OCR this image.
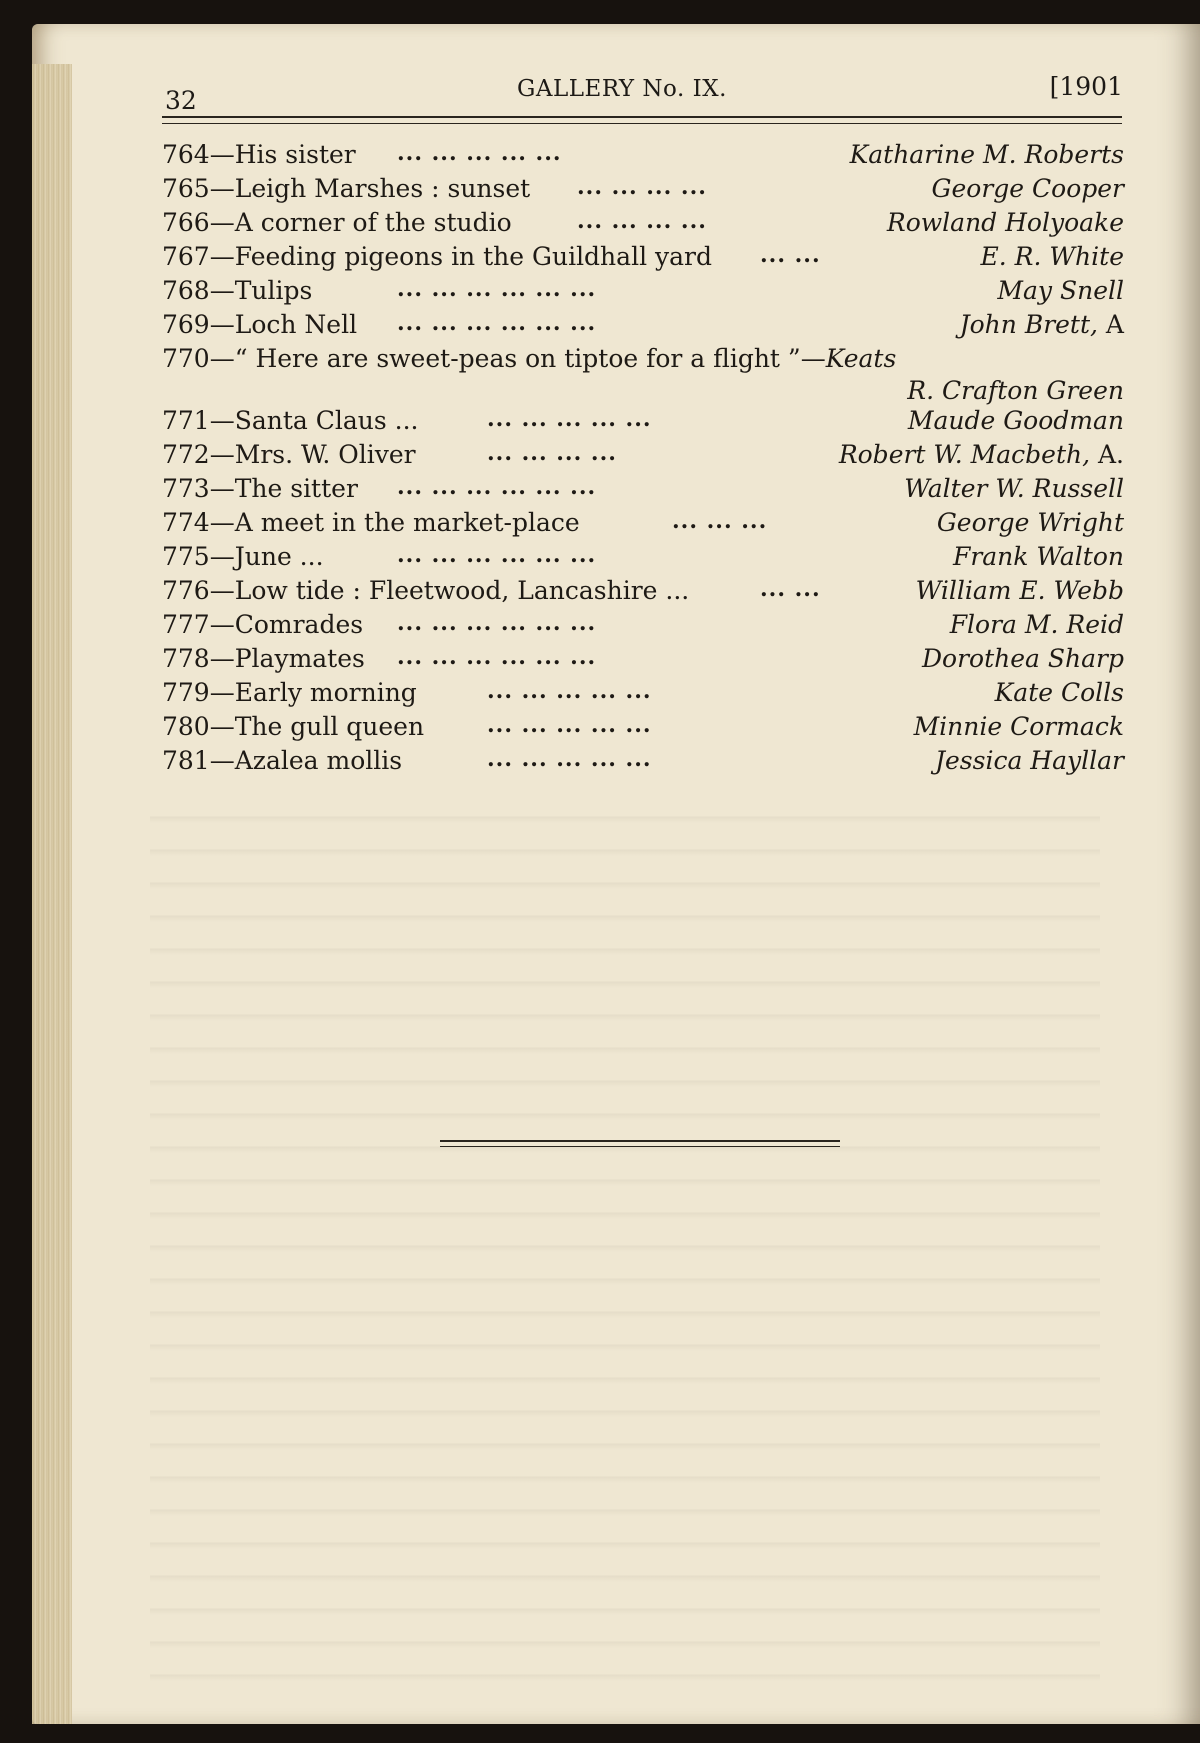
32	GALLERY No. IX.	[1901
764—His sister ... ... ... ... ...	Katharine M. Roberts
765—Leigh Marshes : sunset ... ... ... ...	George Cooper
766—A corner of the studio	... ... ... ...	Rowland Holyoake
767—Feeding pigeons in the Guildhall yard ... ...	E. R. White
768—Tulips	... ... ... ... ... ...	May Snell
769—Loch Nell ... ... ... ... ... ...	John Brett, A
770—“ Here are sweet-peas on tiptoe for a flight ”—Keats
R. Crafton Green
771—Santa Claus ...	... ... ... ... ...	Maude Goodman
772—Mrs. W. Oliver	... ... ... ...	Robert W. Macbeth, A.
773—The sitter ... ... ... ... ... ...	Walter W. Russell
774—A meet in the market-place	... ... ...	George Wright
775—June ...	... ... ... ... ... ...	Frank Walton
776—Low tide : Fleetwood, Lancashire ...	... ...	William E. Webb
777—Comrades ... ... ... ... ... ...	Flora M. Reid
778—Playmates ... ... ... ... ... ...	Dorothea Sharp
779—Early morning	... ... ... ... ...	Kate Colls
780—The gull queen	... ... ... ... ...	Minnie Cormack
781—Azalea mollis	... ... ... ... ...	Jessica Hayllar
